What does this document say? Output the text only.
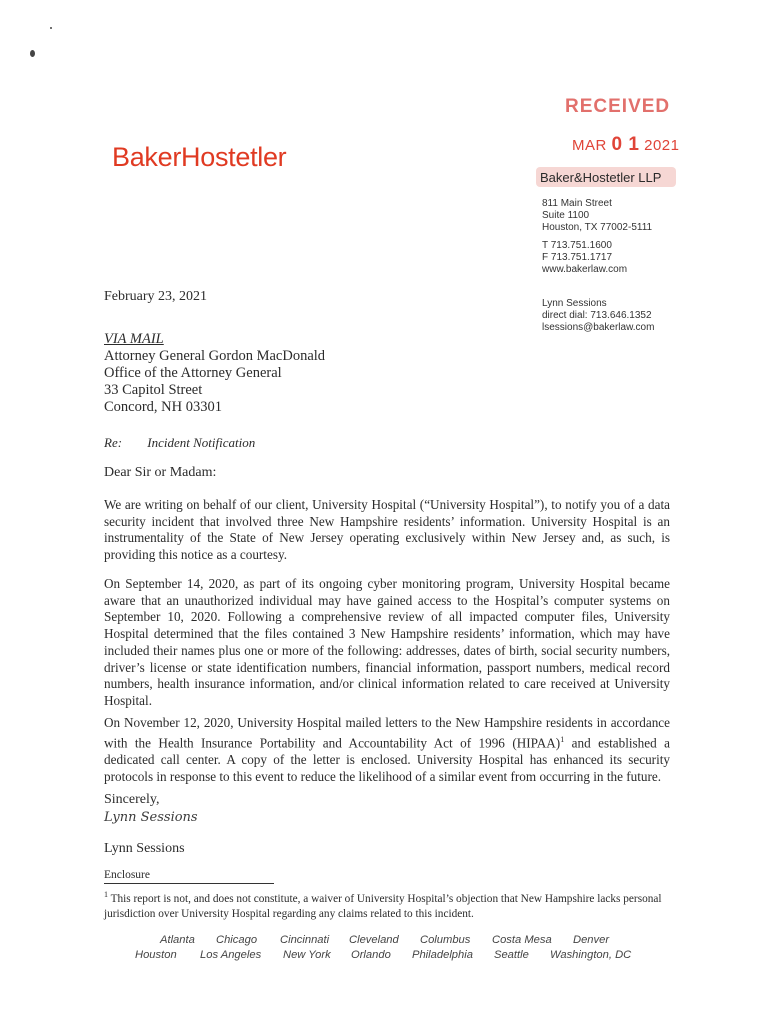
BakerHostetler
RECEIVED
MAR 0 1 2021
Baker&Hostetler LLP
811 Main Street
Suite 1100
Houston, TX 77002-5111
T 713.751.1600
F 713.751.1717
www.bakerlaw.com
Lynn Sessions
direct dial: 713.646.1352
lsessions@bakerlaw.com
February 23, 2021
VIA MAIL
Attorney General Gordon MacDonald
Office of the Attorney General
33 Capitol Street
Concord, NH 03301
Re: Incident Notification
Dear Sir or Madam:
We are writing on behalf of our client, University Hospital (“University Hospital”), to notify you of a data security incident that involved three New Hampshire residents’ information. University Hospital is an instrumentality of the State of New Jersey operating exclusively within New Jersey and, as such, is providing this notice as a courtesy.
On September 14, 2020, as part of its ongoing cyber monitoring program, University Hospital became aware that an unauthorized individual may have gained access to the Hospital’s computer systems on September 10, 2020. Following a comprehensive review of all impacted computer files, University Hospital determined that the files contained 3 New Hampshire residents’ information, which may have included their names plus one or more of the following: addresses, dates of birth, social security numbers, driver’s license or state identification numbers, financial information, passport numbers, medical record numbers, health insurance information, and/or clinical information related to care received at University Hospital.
On November 12, 2020, University Hospital mailed letters to the New Hampshire residents in accordance with the Health Insurance Portability and Accountability Act of 1996 (HIPAA)$^1$ and established a dedicated call center. A copy of the letter is enclosed. University Hospital has enhanced its security protocols in response to this event to reduce the likelihood of a similar event from occurring in the future.
Sincerely,
Lynn Sessions
Lynn Sessions
Enclosure
$^1$ This report is not, and does not constitute, a waiver of University Hospital’s objection that New Hampshire lacks personal jurisdiction over University Hospital regarding any claims related to this incident.
Atlanta Chicago Cincinnati Cleveland Columbus Costa Mesa Denver
Houston Los Angeles New York Orlando Philadelphia Seattle Washington, DC
